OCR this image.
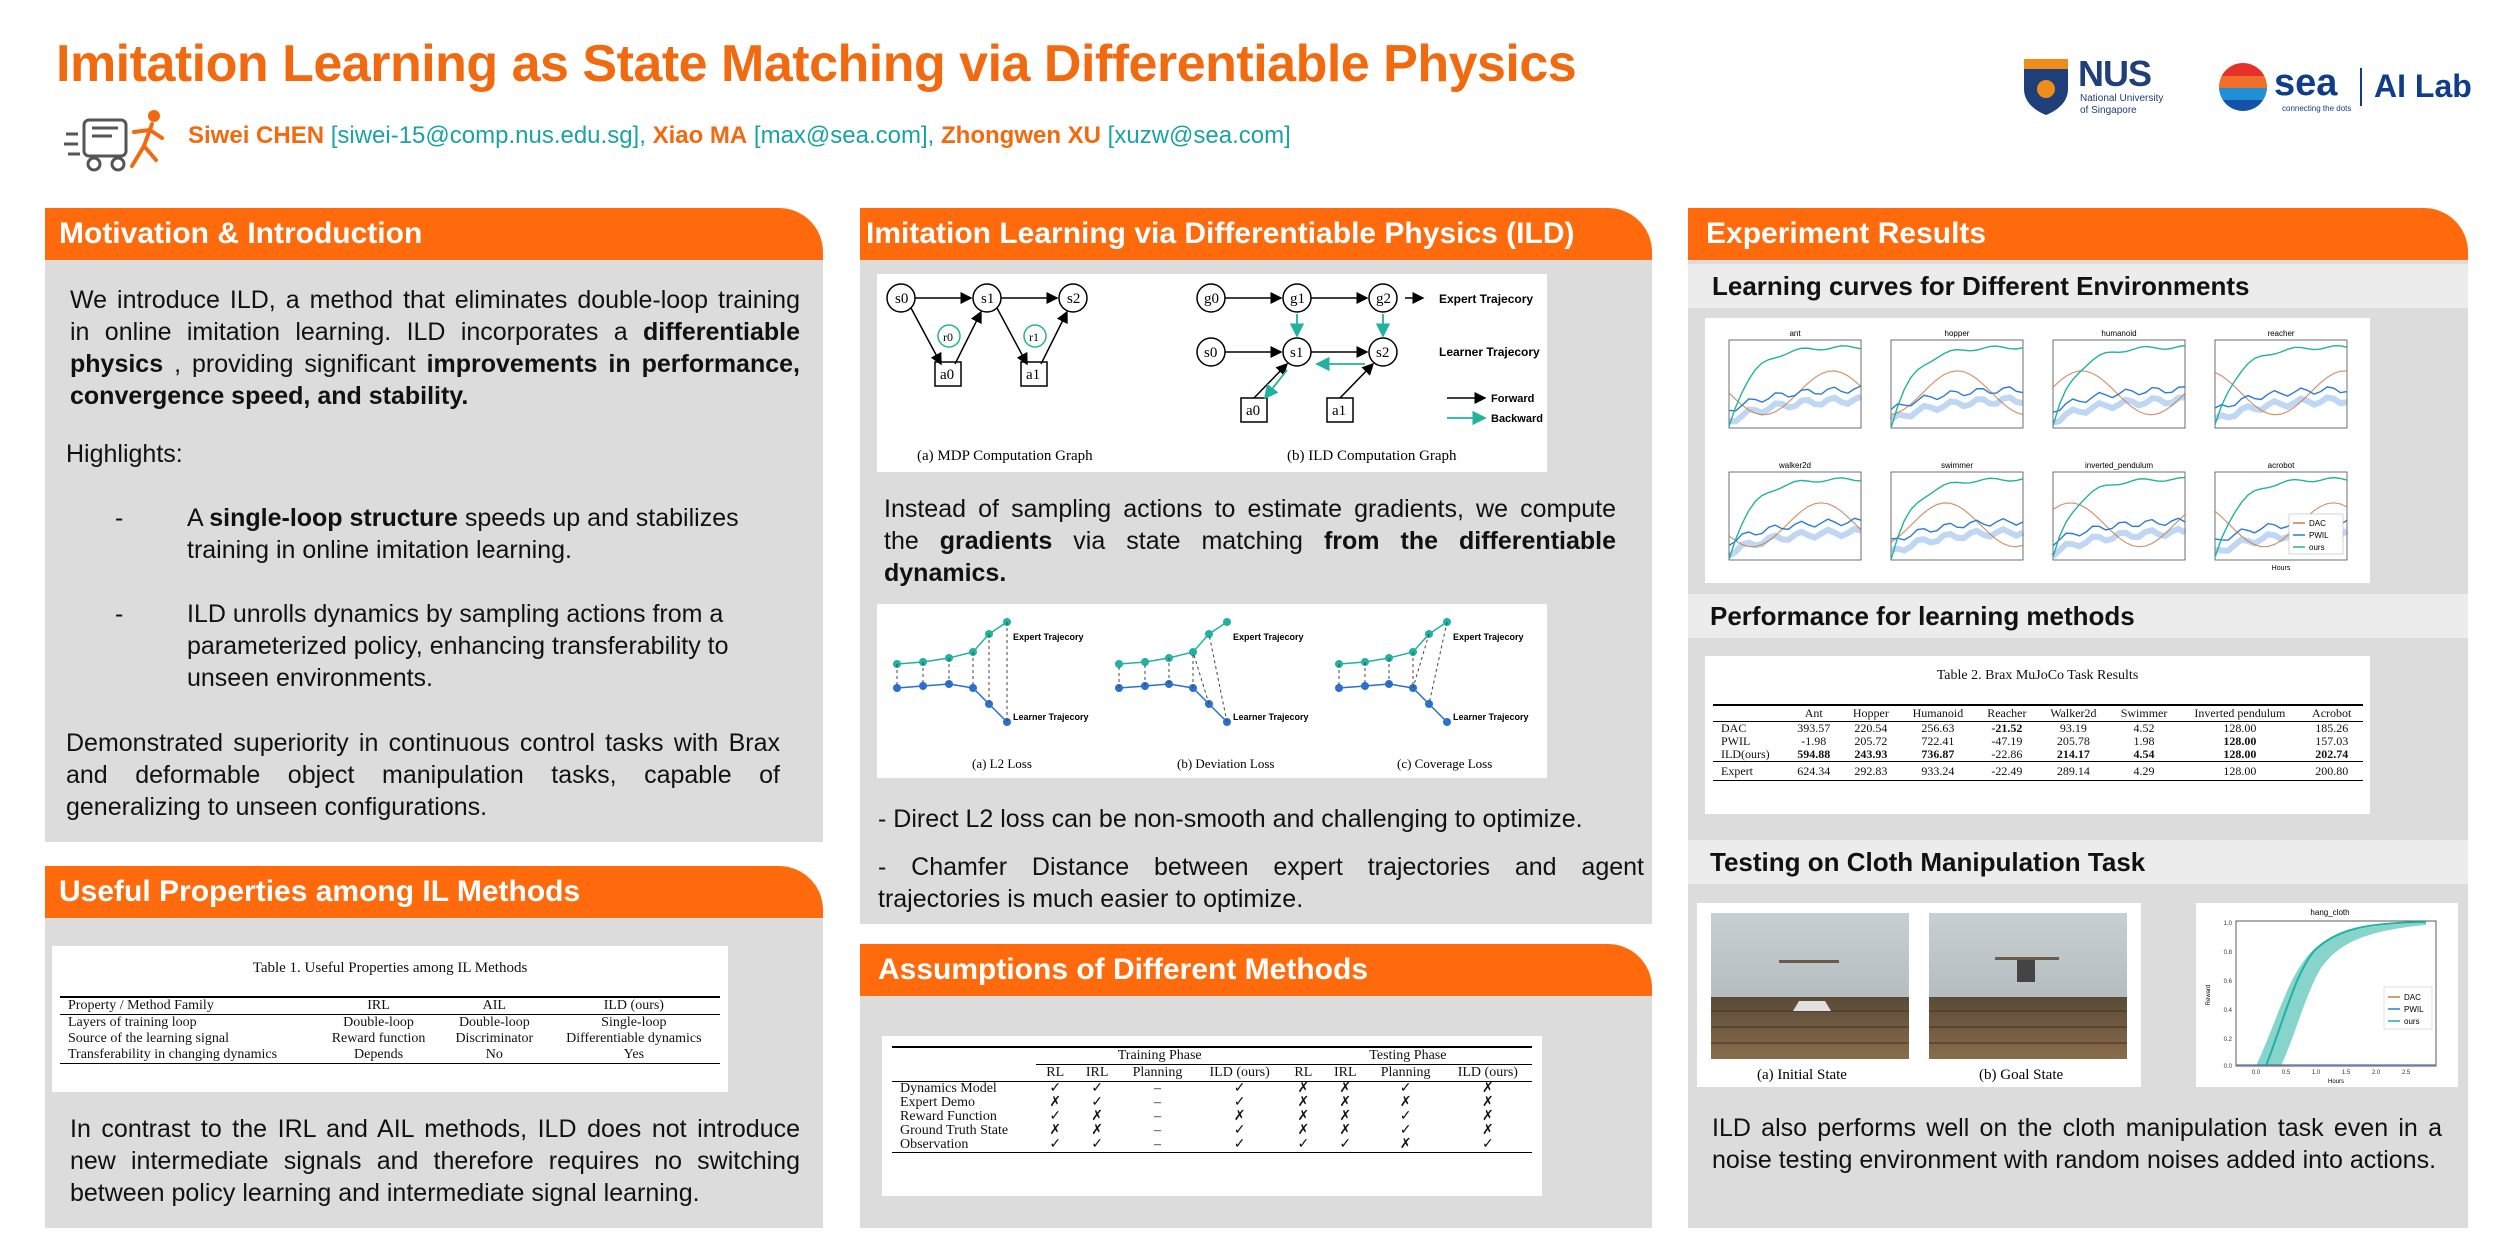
Imitation Learning as State Matching via Differentiable Physics
Siwei CHEN [siwei-15@comp.nus.edu.sg], Xiao MA [max@sea.com], Zhongwen XU [xuzw@sea.com]
NUS
National University
of Singapore
sea
connecting the dots
AI Lab
Motivation & Introduction
We introduce ILD, a method that eliminates double-loop training in online imitation learning. ILD incorporates a differentiable physics , providing significant improvements in performance, convergence speed, and stability.
Highlights:
-	A single-loop structure speeds up and stabilizes training in online imitation learning.
-	ILD unrolls dynamics by sampling actions from a parameterized policy, enhancing transferability to unseen environments.
Demonstrated superiority in continuous control tasks with Brax and deformable object manipulation tasks, capable of generalizing to unseen configurations.
Useful Properties among IL Methods
Table 1. Useful Properties among IL Methods
Property / Method Family	IRL	AIL	ILD (ours)
Layers of training loop	Double-loop	Double-loop	Single-loop
Source of the learning signal	Reward function	Discriminator	Differentiable dynamics
Transferability in changing dynamics	Depends	No	Yes
In contrast to the IRL and AIL methods, ILD does not introduce new intermediate signals and therefore requires no switching between policy learning and intermediate signal learning.
Imitation Learning via Differentiable Physics (ILD)
s0	s1	s2
r0	r1
a0	a1
(a) MDP Computation Graph
g0	g1	g2
s0	s1	s2
a0	a1
Expert Trajecory
Learner Trajecory
Forward
Backward
(b) ILD Computation Graph
Instead of sampling actions to estimate gradients, we compute the gradients via state matching from the differentiable dynamics.
Expert Trajecory
Learner Trajecory
Expert Trajecory
Learner Trajecory
Expert Trajecory
Learner Trajecory
(a) L2 Loss	(b) Deviation Loss	(c) Coverage Loss
- Direct L2 loss can be non-smooth and challenging to optimize.
- Chamfer Distance between expert trajectories and agent trajectories is much easier to optimize.
Assumptions of Different Methods
	Training Phase				Testing Phase			
	RL	IRL	Planning	ILD (ours)	RL	IRL	Planning	ILD (ours)
Dynamics Model	✓	✓	–	✓	✗	✗	✓	✗
Expert Demo	✗	✓	–	✓	✗	✗	✗	✗
Reward Function	✓	✗	–	✗	✗	✗	✓	✗
Ground Truth State	✗	✗	–	✓	✗	✗	✓	✗
Observation	✓	✓	–	✓	✓	✓	✗	✓
Experiment Results
Learning curves for Different Environments
ant	hopper	humanoid	reacher
walker2d	swimmer	inverted_pendulum	acrobot
DAC
PWIL
ours
Hours
Performance for learning methods
Table 2. Brax MuJoCo Task Results
	Ant	Hopper	Humanoid	Reacher	Walker2d	Swimmer	Inverted pendulum	Acrobot
DAC	393.57	220.54	256.63	-21.52	93.19	4.52	128.00	185.26
PWIL	-1.98	205.72	722.41	-47.19	205.78	1.98	128.00	157.03
ILD(ours)	594.88	243.93	736.87	-22.86	214.17	4.54	128.00	202.74
Expert	624.34	292.83	933.24	-22.49	289.14	4.29	128.00	200.80
Testing on Cloth Manipulation Task
(a) Initial State	(b) Goal State
hang_cloth
1.0
0.8
0.6
0.4
0.2
0.0
0.0	0.5	1.0	1.5	2.0	2.5
Hours
Reward	DAC
PWIL
ours
ILD also performs well on the cloth manipulation task even in a noise testing environment with random noises added into actions.
